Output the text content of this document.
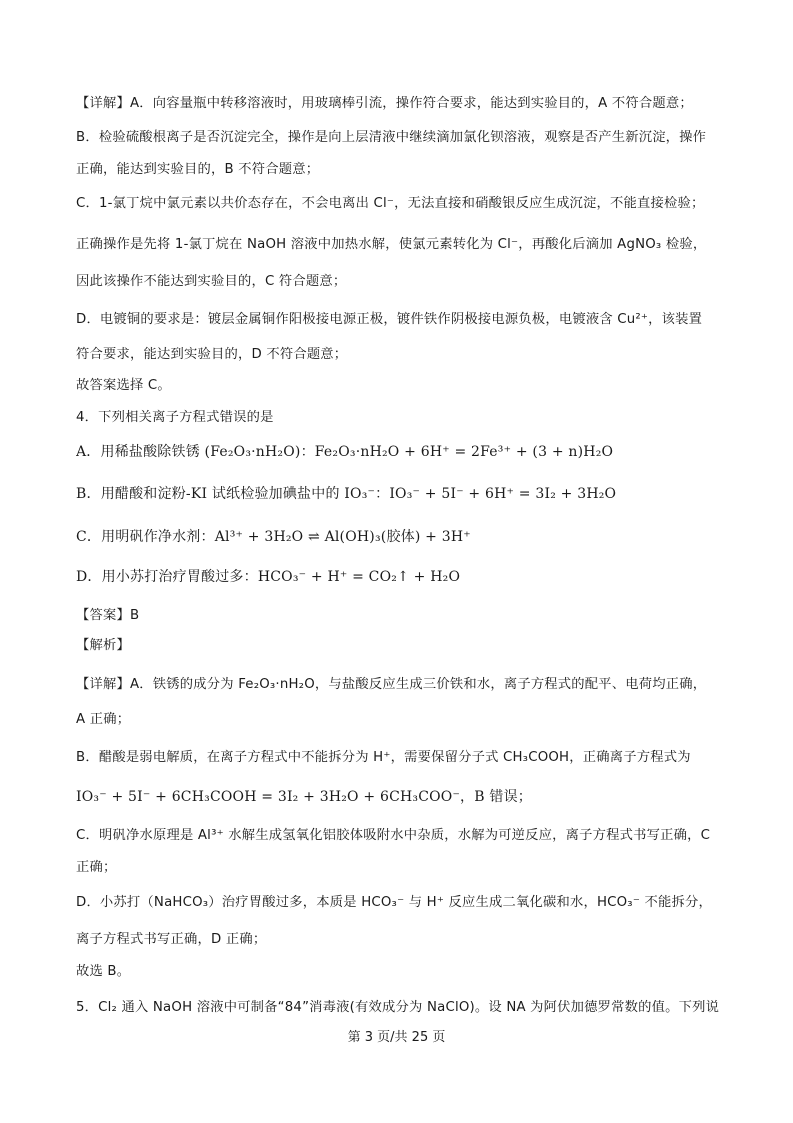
【详解】A．向容量瓶中转移溶液时，用玻璃棒引流，操作符合要求，能达到实验目的，A 不符合题意；
B．检验硫酸根离子是否沉淀完全，操作是向上层清液中继续滴加氯化钡溶液，观察是否产生新沉淀，操作
正确，能达到实验目的，B 不符合题意；
C．1-氯丁烷中氯元素以共价态存在，不会电离出 Cl⁻，无法直接和硝酸银反应生成沉淀，不能直接检验；
正确操作是先将 1-氯丁烷在 NaOH 溶液中加热水解，使氯元素转化为 Cl⁻，再酸化后滴加 AgNO₃ 检验，
因此该操作不能达到实验目的，C 符合题意；
D．电镀铜的要求是：镀层金属铜作阳极接电源正极，镀件铁作阴极接电源负极，电镀液含 Cu²⁺，该装置
符合要求，能达到实验目的，D 不符合题意；
故答案选择 C。
4．下列相关离子方程式错误的是
A．用稀盐酸除铁锈 (Fe₂O₃·nH₂O)：Fe₂O₃·nH₂O + 6H⁺ = 2Fe³⁺ + (3 + n)H₂O
B．用醋酸和淀粉-KI 试纸检验加碘盐中的 IO₃⁻：IO₃⁻ + 5I⁻ + 6H⁺ = 3I₂ + 3H₂O
C．用明矾作净水剂：Al³⁺ + 3H₂O ⇌ Al(OH)₃(胶体) + 3H⁺
D．用小苏打治疗胃酸过多：HCO₃⁻ + H⁺ = CO₂↑ + H₂O
【答案】B
【解析】
【详解】A．铁锈的成分为 Fe₂O₃·nH₂O，与盐酸反应生成三价铁和水，离子方程式的配平、电荷均正确，
A 正确；
B．醋酸是弱电解质，在离子方程式中不能拆分为 H⁺，需要保留分子式 CH₃COOH，正确离子方程式为
IO₃⁻ + 5I⁻ + 6CH₃COOH = 3I₂ + 3H₂O + 6CH₃COO⁻，B 错误；
C．明矾净水原理是 Al³⁺ 水解生成氢氧化铝胶体吸附水中杂质，水解为可逆反应，离子方程式书写正确，C
正确；
D．小苏打（NaHCO₃）治疗胃酸过多，本质是 HCO₃⁻ 与 H⁺ 反应生成二氧化碳和水，HCO₃⁻ 不能拆分，
离子方程式书写正确，D 正确；
故选 B。
5．Cl₂ 通入 NaOH 溶液中可制备“84”消毒液(有效成分为 NaClO)。设 NA 为阿伏加德罗常数的值。下列说
第 3 页/共 25 页
